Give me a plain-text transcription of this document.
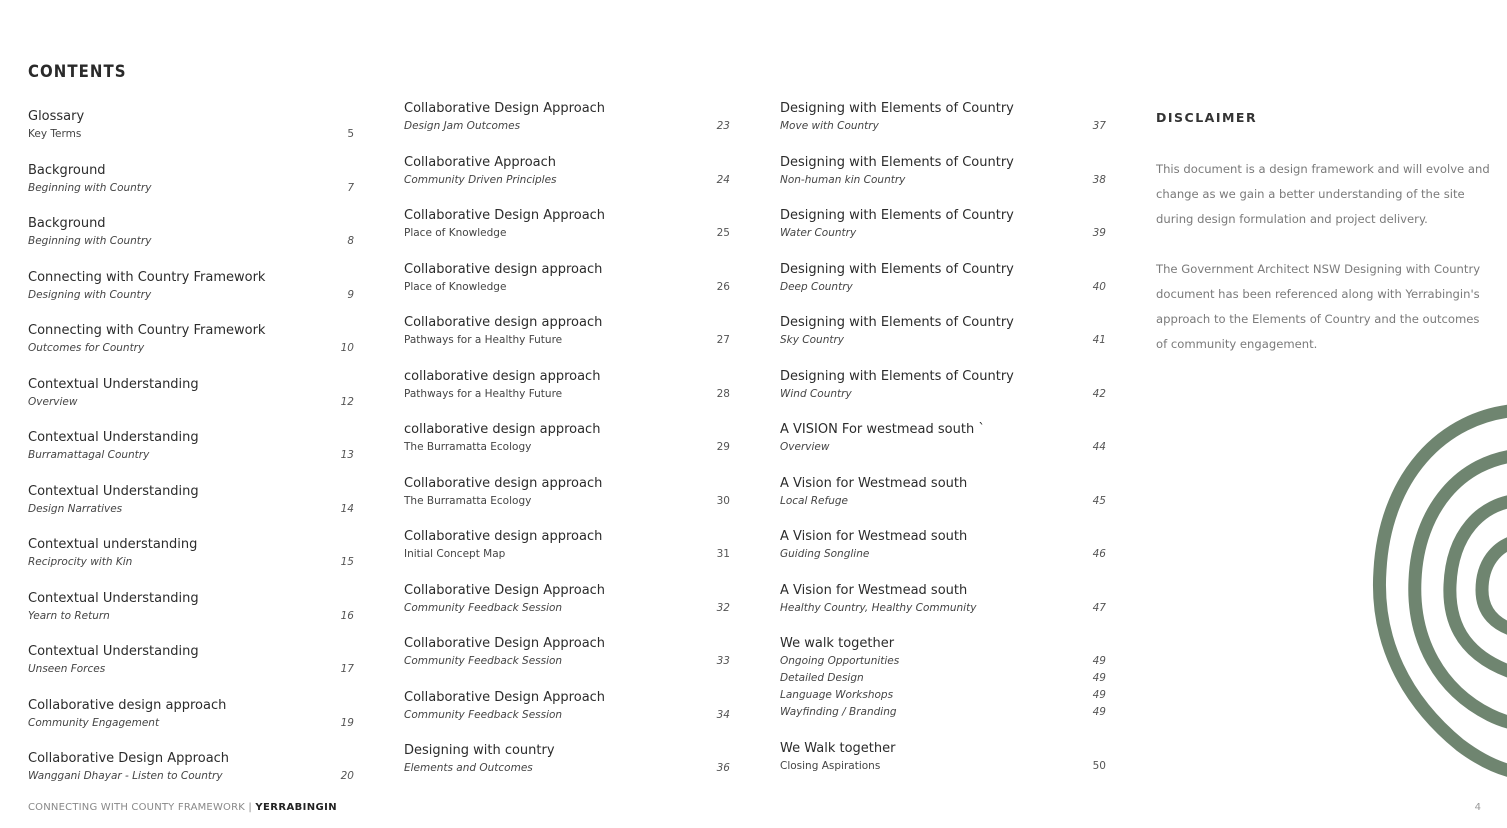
CONTENTS
Glossary
Key Terms	5
Background
Beginning with Country	7
Background
Beginning with Country	8
Connecting with Country Framework
Designing with Country	9
Connecting with Country Framework
Outcomes for Country	10
Contextual Understanding
Overview	12
Contextual Understanding
Burramattagal Country	13
Contextual Understanding
Design Narratives	14
Contextual understanding
Reciprocity with Kin	15
Contextual Understanding
Yearn to Return	16
Contextual Understanding
Unseen Forces	17
Collaborative design approach
Community Engagement	19
Collaborative Design Approach
Wanggani Dhayar - Listen to Country	20
Collaborative Design Approach
Design Jam Outcomes	23
Collaborative Approach
Community Driven Principles	24
Collaborative Design Approach
Place of Knowledge	25
Collaborative design approach
Place of Knowledge	26
Collaborative design approach
Pathways for a Healthy Future	27
collaborative design approach
Pathways for a Healthy Future	28
collaborative design approach
The Burramatta Ecology	29
Collaborative design approach
The Burramatta Ecology	30
Collaborative design approach
Initial Concept Map	31
Collaborative Design Approach
Community Feedback Session	32
Collaborative Design Approach
Community Feedback Session	33
Collaborative Design Approach
Community Feedback Session	34
Designing with country
Elements and Outcomes	36
Designing with Elements of Country
Move with Country	37
Designing with Elements of Country
Non-human kin Country	38
Designing with Elements of Country
Water Country	39
Designing with Elements of Country
Deep Country	40
Designing with Elements of Country
Sky Country	41
Designing with Elements of Country
Wind Country	42
A VISION For westmead south `
Overview	44
A Vision for Westmead south
Local Refuge	45
A Vision for Westmead south
Guiding Songline	46
A Vision for Westmead south
Healthy Country, Healthy Community	47
We walk together
Ongoing Opportunities	49
Detailed Design	49
Language Workshops	49
Wayfinding / Branding	49
We Walk together
Closing Aspirations	50
DISCLAIMER

This document is a design framework and will evolve and change as we gain a better understanding of the site during design formulation and project delivery.

The Government Architect NSW Designing with Country document has been referenced along with Yerrabingin's approach to the Elements of Country and the outcomes of community engagement.

CONNECTING WITH COUNTY FRAMEWORK | YERRABINGIN	4
